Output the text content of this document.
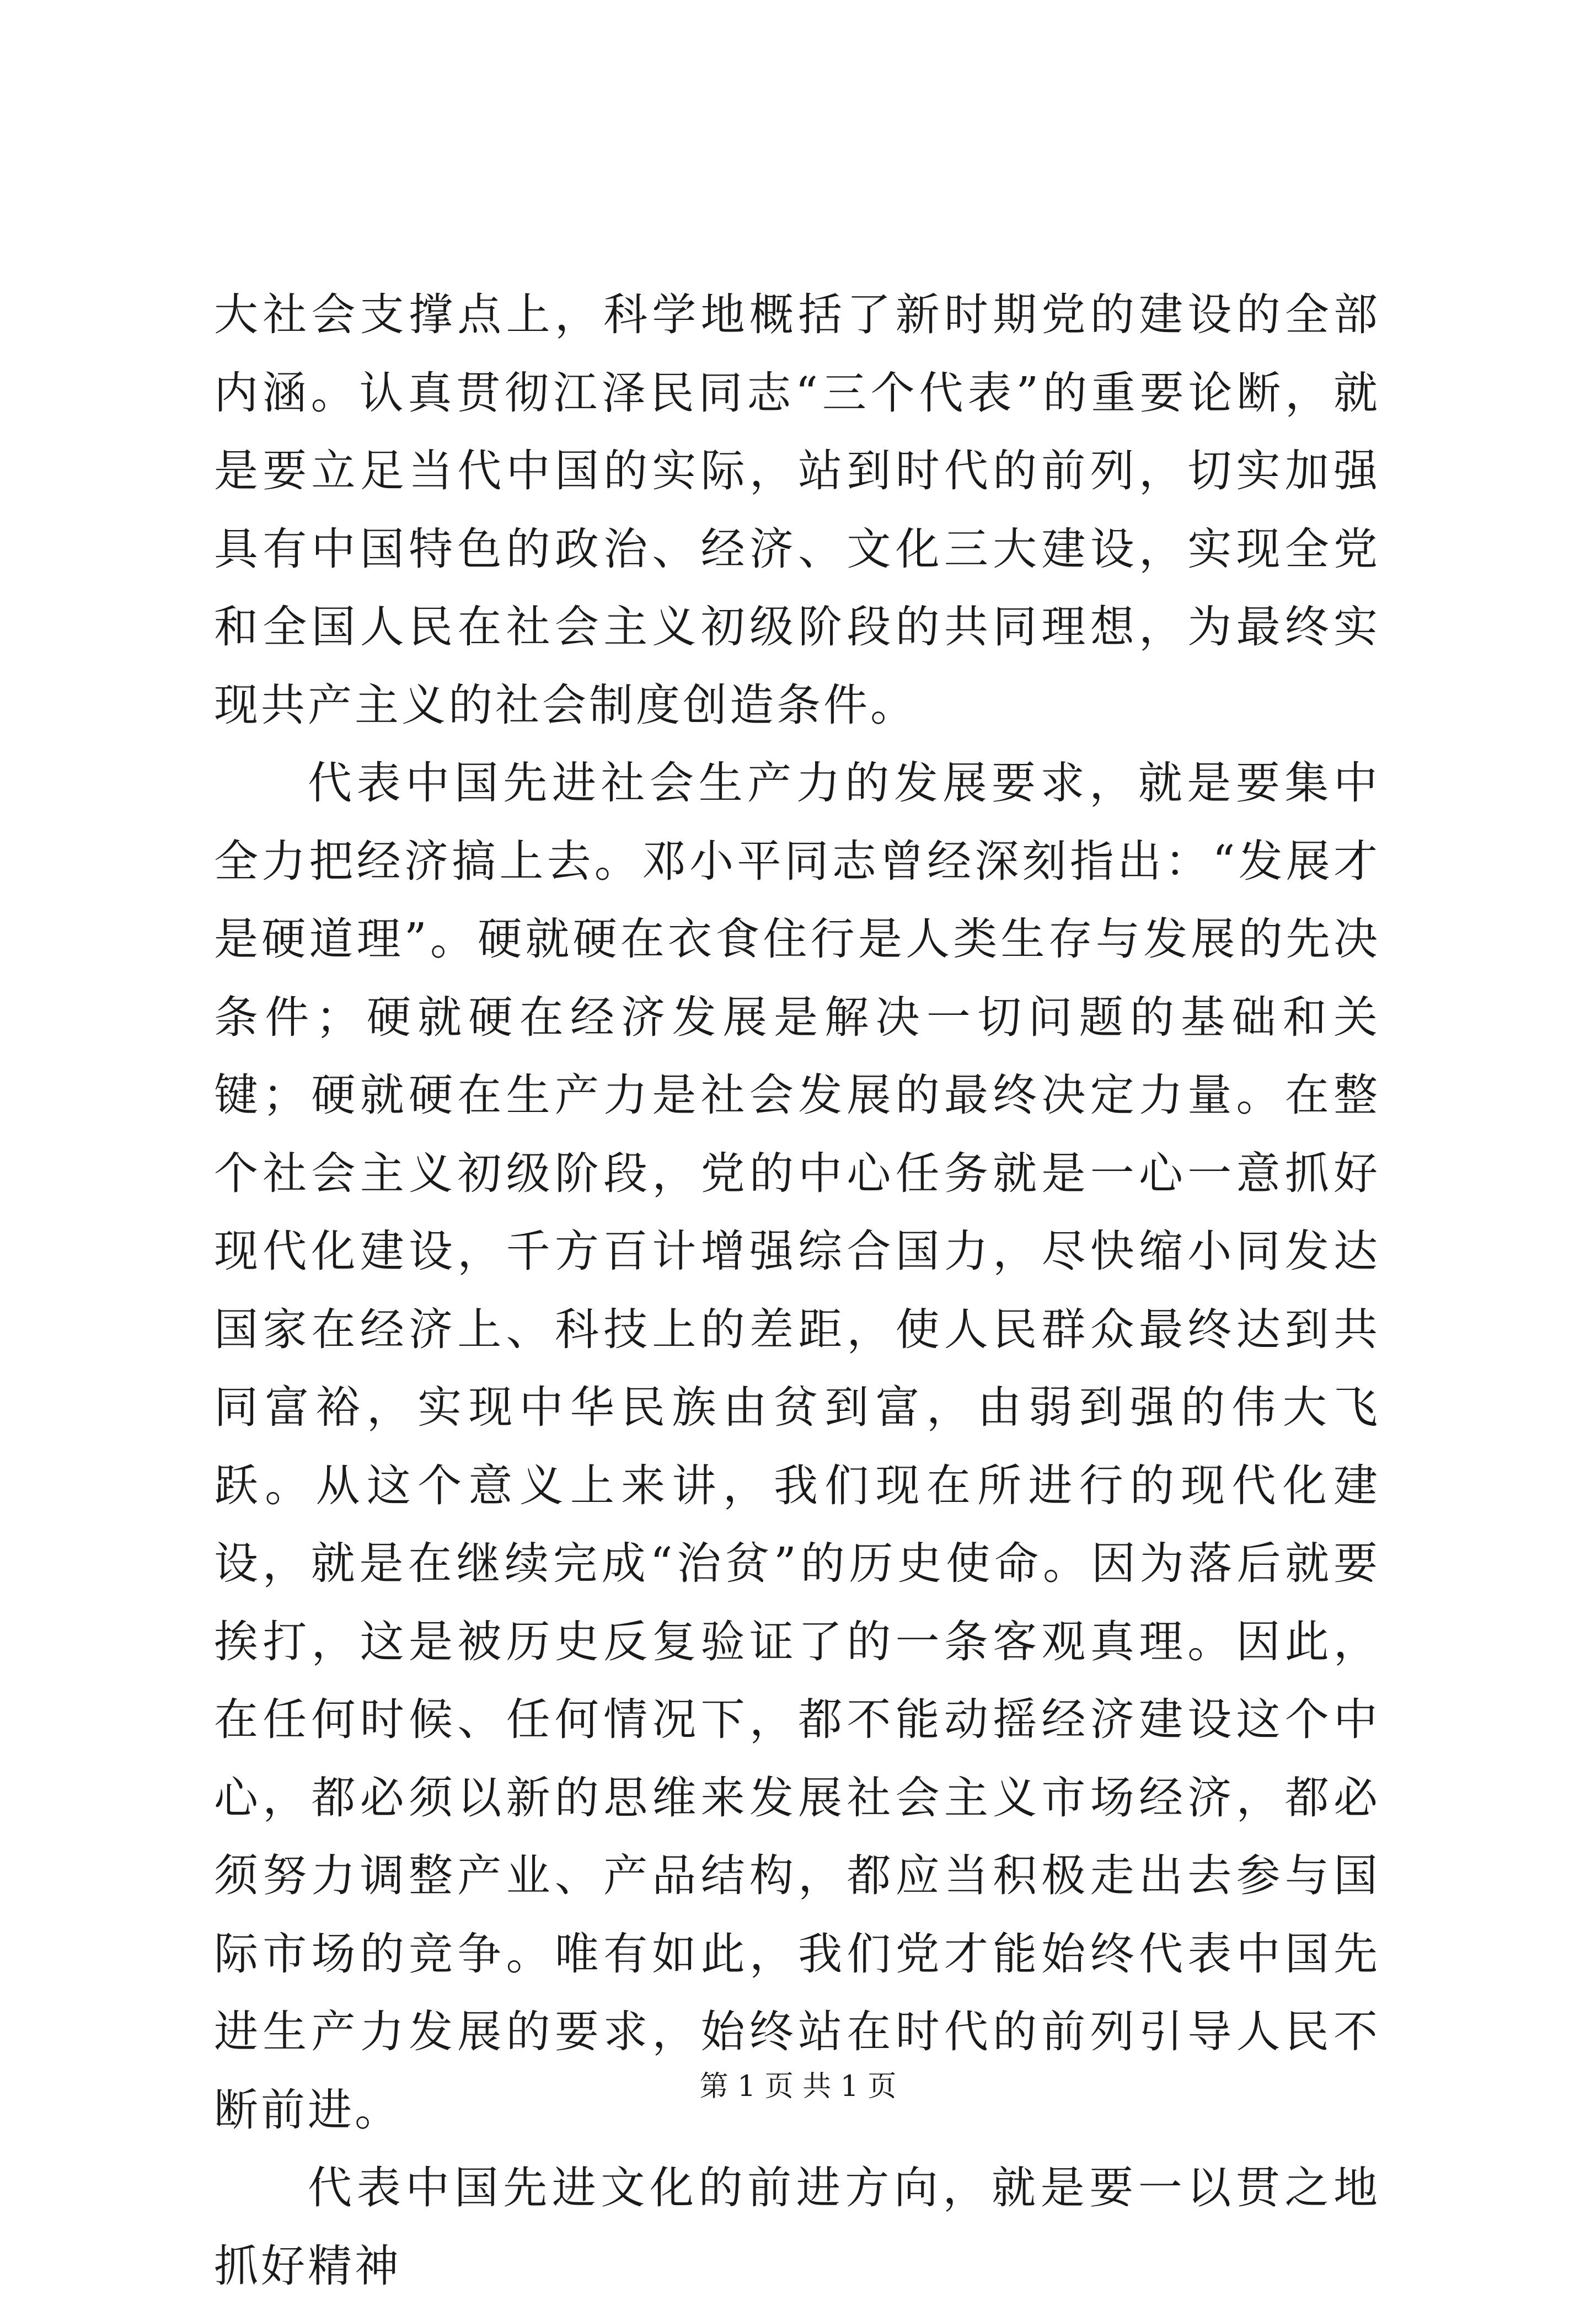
大社会支撑点上，科学地概括了新时期党的建设的全部内涵。认真贯彻江泽民同志“三个代表”的重要论断，就是要立足当代中国的实际，站到时代的前列，切实加强具有中国特色的政治、经济、文化三大建设，实现全党和全国人民在社会主义初级阶段的共同理想，为最终实现共产主义的社会制度创造条件。

代表中国先进社会生产力的发展要求，就是要集中全力把经济搞上去。邓小平同志曾经深刻指出：“发展才是硬道理”。硬就硬在衣食住行是人类生存与发展的先决条件；硬就硬在经济发展是解决一切问题的基础和关键；硬就硬在生产力是社会发展的最终决定力量。在整个社会主义初级阶段，党的中心任务就是一心一意抓好现代化建设，千方百计增强综合国力，尽快缩小同发达国家在经济上、科技上的差距，使人民群众最终达到共同富裕，实现中华民族由贫到富，由弱到强的伟大飞跃。从这个意义上来讲，我们现在所进行的现代化建设，就是在继续完成“治贫”的历史使命。因为落后就要挨打，这是被历史反复验证了的一条客观真理。因此，在任何时候、任何情况下，都不能动摇经济建设这个中心，都必须以新的思维来发展社会主义市场经济，都必须努力调整产业、产品结构，都应当积极走出去参与国际市场的竞争。唯有如此，我们党才能始终代表中国先进生产力发展的要求，始终站在时代的前列引导人民不断前进。

代表中国先进文化的前进方向，就是要一以贯之地抓好精神

第 1 页 共 1 页
